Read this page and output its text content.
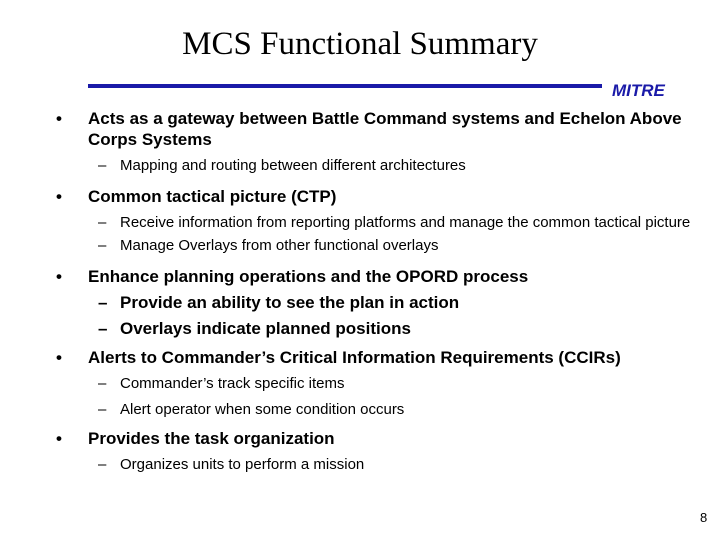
MCS Functional Summary
MITRE
•	Acts as a gateway between Battle Command systems and Echelon Above Corps Systems
– Mapping and routing between different architectures
•	Common tactical picture (CTP)
– Receive information from reporting platforms and manage the common tactical picture
– Manage Overlays from other functional overlays
•	Enhance planning operations and the OPORD process
– Provide an ability to see the plan in action
– Overlays indicate planned positions
•	Alerts to Commander’s Critical Information Requirements (CCIRs)
– Commander’s track specific items
– Alert operator when some condition occurs
•	Provides the task organization
– Organizes units to perform a mission
8
